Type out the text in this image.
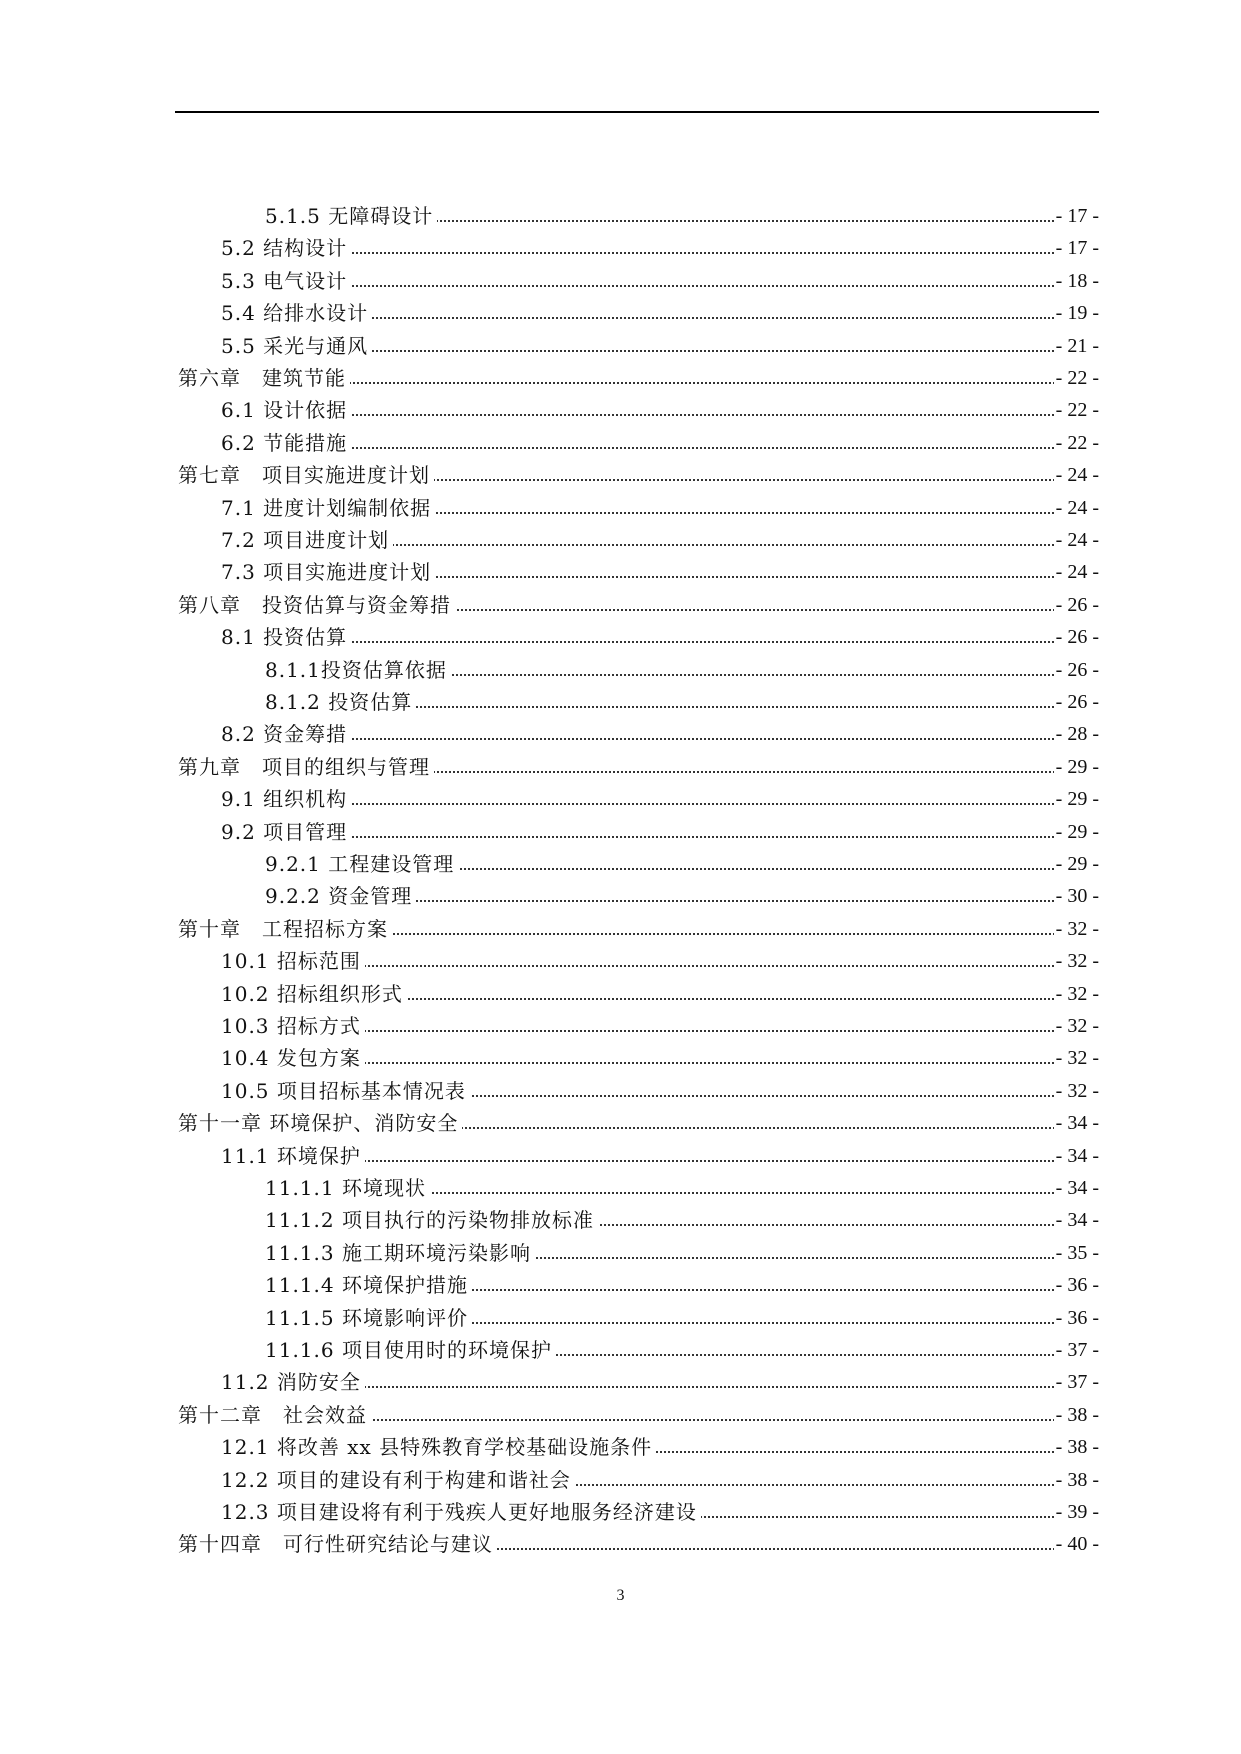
5.1.5 无障碍设计	- 17 -
5.2 结构设计	- 17 -
5.3 电气设计	- 18 -
5.4 给排水设计	- 19 -
5.5 采光与通风	- 21 -
第六章　建筑节能	- 22 -
6.1 设计依据	- 22 -
6.2 节能措施	- 22 -
第七章　项目实施进度计划	- 24 -
7.1 进度计划编制依据	- 24 -
7.2 项目进度计划	- 24 -
7.3 项目实施进度计划	- 24 -
第八章　投资估算与资金筹措	- 26 -
8.1 投资估算	- 26 -
8.1.1投资估算依据	- 26 -
8.1.2 投资估算	- 26 -
8.2 资金筹措	- 28 -
第九章　项目的组织与管理	- 29 -
9.1 组织机构	- 29 -
9.2 项目管理	- 29 -
9.2.1 工程建设管理	- 29 -
9.2.2 资金管理	- 30 -
第十章　工程招标方案	- 32 -
10.1 招标范围	- 32 -
10.2 招标组织形式	- 32 -
10.3 招标方式	- 32 -
10.4 发包方案	- 32 -
10.5 项目招标基本情况表	- 32 -
第十一章 环境保护、消防安全	- 34 -
11.1 环境保护	- 34 -
11.1.1 环境现状	- 34 -
11.1.2 项目执行的污染物排放标准	- 34 -
11.1.3 施工期环境污染影响	- 35 -
11.1.4 环境保护措施	- 36 -
11.1.5 环境影响评价	- 36 -
11.1.6 项目使用时的环境保护	- 37 -
11.2 消防安全	- 37 -
第十二章　社会效益	- 38 -
12.1 将改善 xx 县特殊教育学校基础设施条件	- 38 -
12.2 项目的建设有利于构建和谐社会	- 38 -
12.3 项目建设将有利于残疾人更好地服务经济建设	- 39 -
第十四章　可行性研究结论与建议	- 40 -
3
